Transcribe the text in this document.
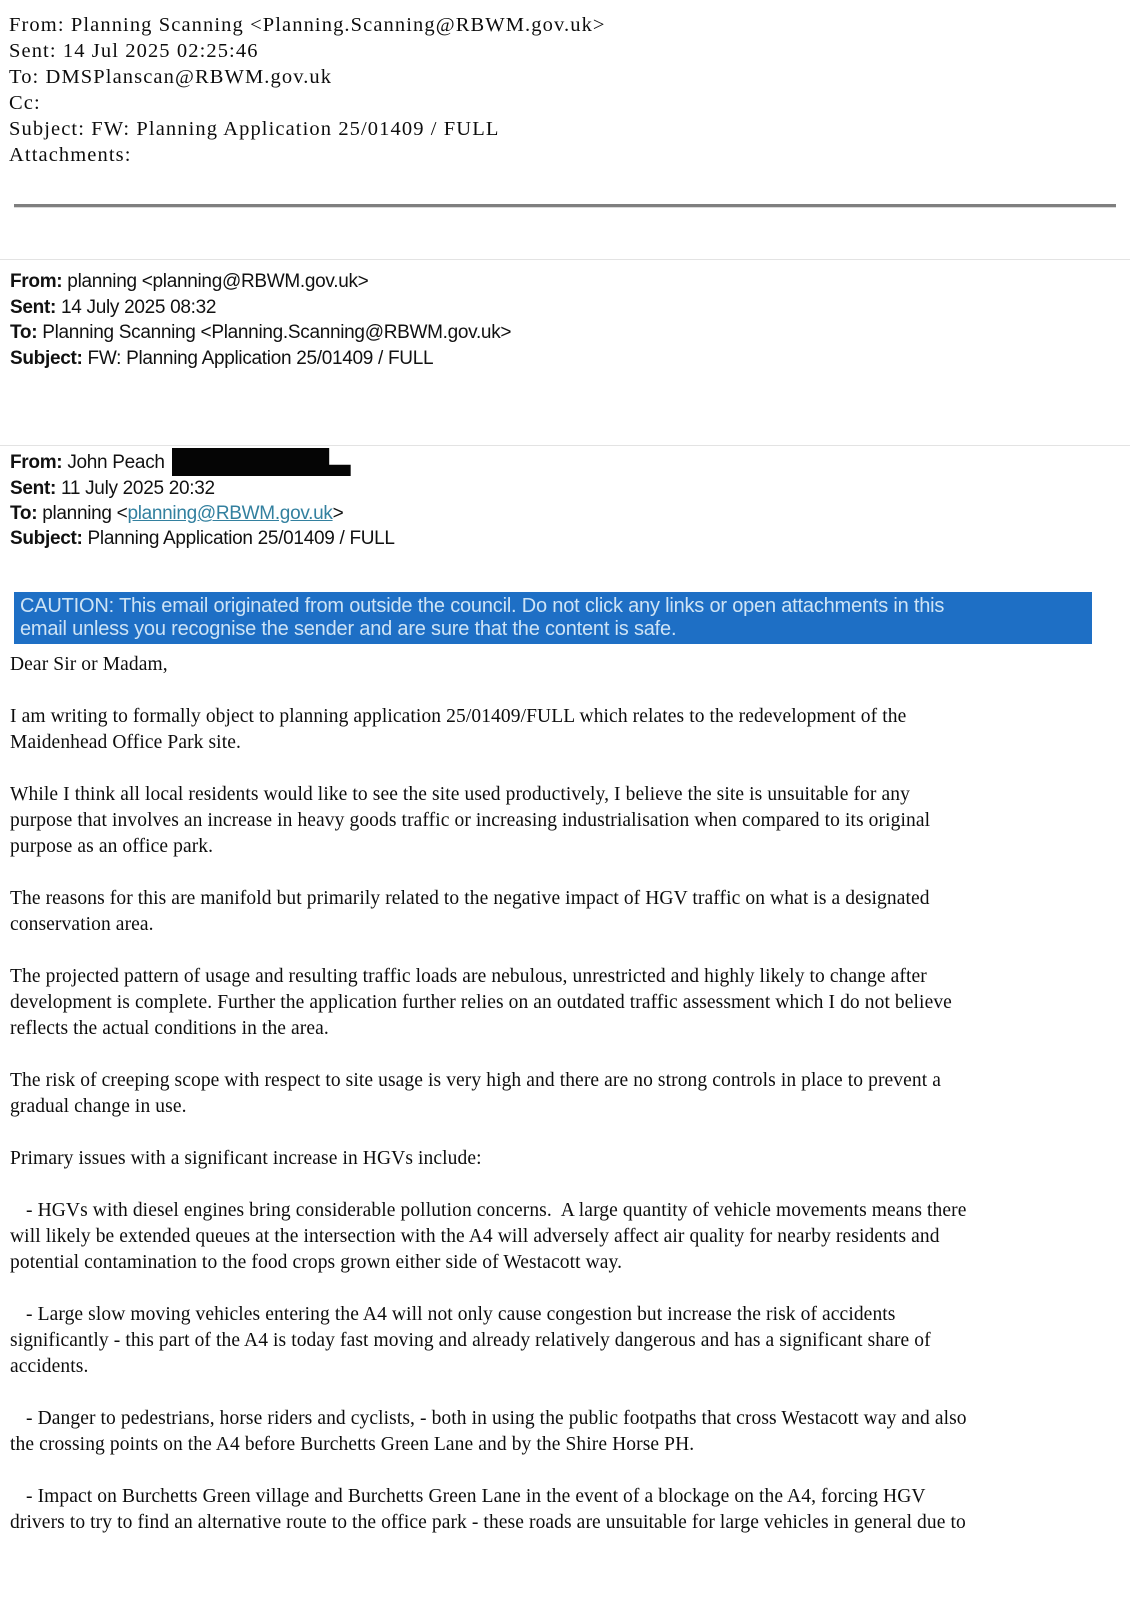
From: Planning Scanning <Planning.Scanning@RBWM.gov.uk>
Sent: 14 Jul 2025 02:25:46
To: DMSPlanscan@RBWM.gov.uk
Cc:
Subject: FW: Planning Application 25/01409 / FULL
Attachments:
From: planning <planning@RBWM.gov.uk>
Sent: 14 July 2025 08:32
To: Planning Scanning <Planning.Scanning@RBWM.gov.uk>
Subject: FW: Planning Application 25/01409 / FULL
From: John Peach
Sent: 11 July 2025 20:32
To: planning <planning@RBWM.gov.uk>
Subject: Planning Application 25/01409 / FULL
CAUTION: This email originated from outside the council. Do not click any links or open attachments in this
email unless you recognise the sender and are sure that the content is safe.
Dear Sir or Madam,
I am writing to formally object to planning application 25/01409/FULL which relates to the redevelopment of the
Maidenhead Office Park site.
While I think all local residents would like to see the site used productively, I believe the site is unsuitable for any
purpose that involves an increase in heavy goods traffic or increasing industrialisation when compared to its original
purpose as an office park.
The reasons for this are manifold but primarily related to the negative impact of HGV traffic on what is a designated
conservation area.
The projected pattern of usage and resulting traffic loads are nebulous, unrestricted and highly likely to change after
development is complete. Further the application further relies on an outdated traffic assessment which I do not believe
reflects the actual conditions in the area.
The risk of creeping scope with respect to site usage is very high and there are no strong controls in place to prevent a
gradual change in use.
Primary issues with a significant increase in HGVs include:
- HGVs with diesel engines bring considerable pollution concerns.  A large quantity of vehicle movements means there
will likely be extended queues at the intersection with the A4 will adversely affect air quality for nearby residents and
potential contamination to the food crops grown either side of Westacott way.
- Large slow moving vehicles entering the A4 will not only cause congestion but increase the risk of accidents
significantly - this part of the A4 is today fast moving and already relatively dangerous and has a significant share of
accidents.
- Danger to pedestrians, horse riders and cyclists, - both in using the public footpaths that cross Westacott way and also
the crossing points on the A4 before Burchetts Green Lane and by the Shire Horse PH.
- Impact on Burchetts Green village and Burchetts Green Lane in the event of a blockage on the A4, forcing HGV
drivers to try to find an alternative route to the office park - these roads are unsuitable for large vehicles in general due to
